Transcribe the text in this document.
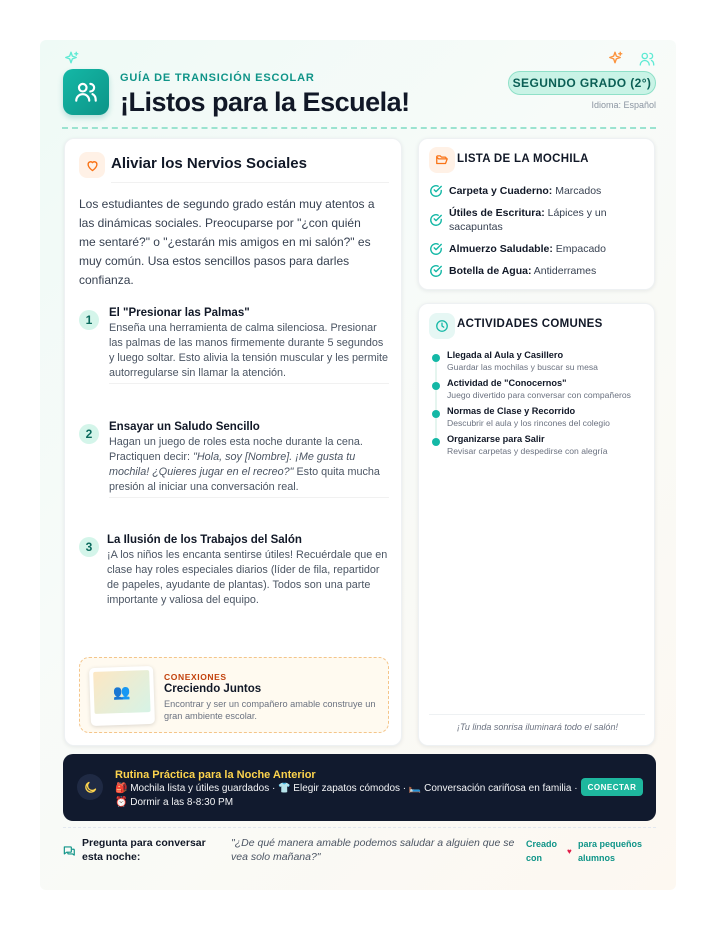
GUÍA DE TRANSICIÓN ESCOLAR
¡Listos para la Escuela!
SEGUNDO GRADO (2°)
Idioma: Español
Aliviar los Nervios Sociales
Los estudiantes de segundo grado están muy atentos a las dinámicas sociales. Preocuparse por "¿con quién me sentaré?" o "¿estarán mis amigos en mi salón?" es muy común. Usa estos sencillos pasos para darles confianza.
1	El "Presionar las Palmas"
Enseña una herramienta de calma silenciosa. Presionar las palmas de las manos firmemente durante 5 segundos y luego soltar. Esto alivia la tensión muscular y les permite autorregularse sin llamar la atención.
2	Ensayar un Saludo Sencillo
Hagan un juego de roles esta noche durante la cena. Practiquen decir: "Hola, soy [Nombre]. ¡Me gusta tu mochila! ¿Quieres jugar en el recreo?" Esto quita mucha presión al iniciar una conversación real.
3	La Ilusión de los Trabajos del Salón
¡A los niños les encanta sentirse útiles! Recuérdale que en clase hay roles especiales diarios (líder de fila, repartidor de papeles, ayudante de plantas). Todos son una parte importante y valiosa del equipo.
👥
CONEXIONES
Creciendo Juntos
Encontrar y ser un compañero amable construye un gran ambiente escolar.
LISTA DE LA MOCHILA
Carpeta y Cuaderno: Marcados
Útiles de Escritura: Lápices y un sacapuntas
Almuerzo Saludable: Empacado
Botella de Agua: Antiderrames
ACTIVIDADES COMUNES
Llegada al Aula y Casillero
Guardar las mochilas y buscar su mesa
Actividad de "Conocernos"
Juego divertido para conversar con compañeros
Normas de Clase y Recorrido
Descubrir el aula y los rincones del colegio
Organizarse para Salir
Revisar carpetas y despedirse con alegría
¡Tu linda sonrisa iluminará todo el salón!
Rutina Práctica para la Noche Anterior
🎒 Mochila lista y útiles guardados · 👕 Elegir zapatos cómodos · 🛏️ Conversación cariñosa en familia · ⏰ Dormir a las 8-8:30 PM
CONECTAR
Pregunta para conversar esta noche:
"¿De qué manera amable podemos saludar a alguien que se vea solo mañana?"
Creado con
♥
para pequeños alumnos
